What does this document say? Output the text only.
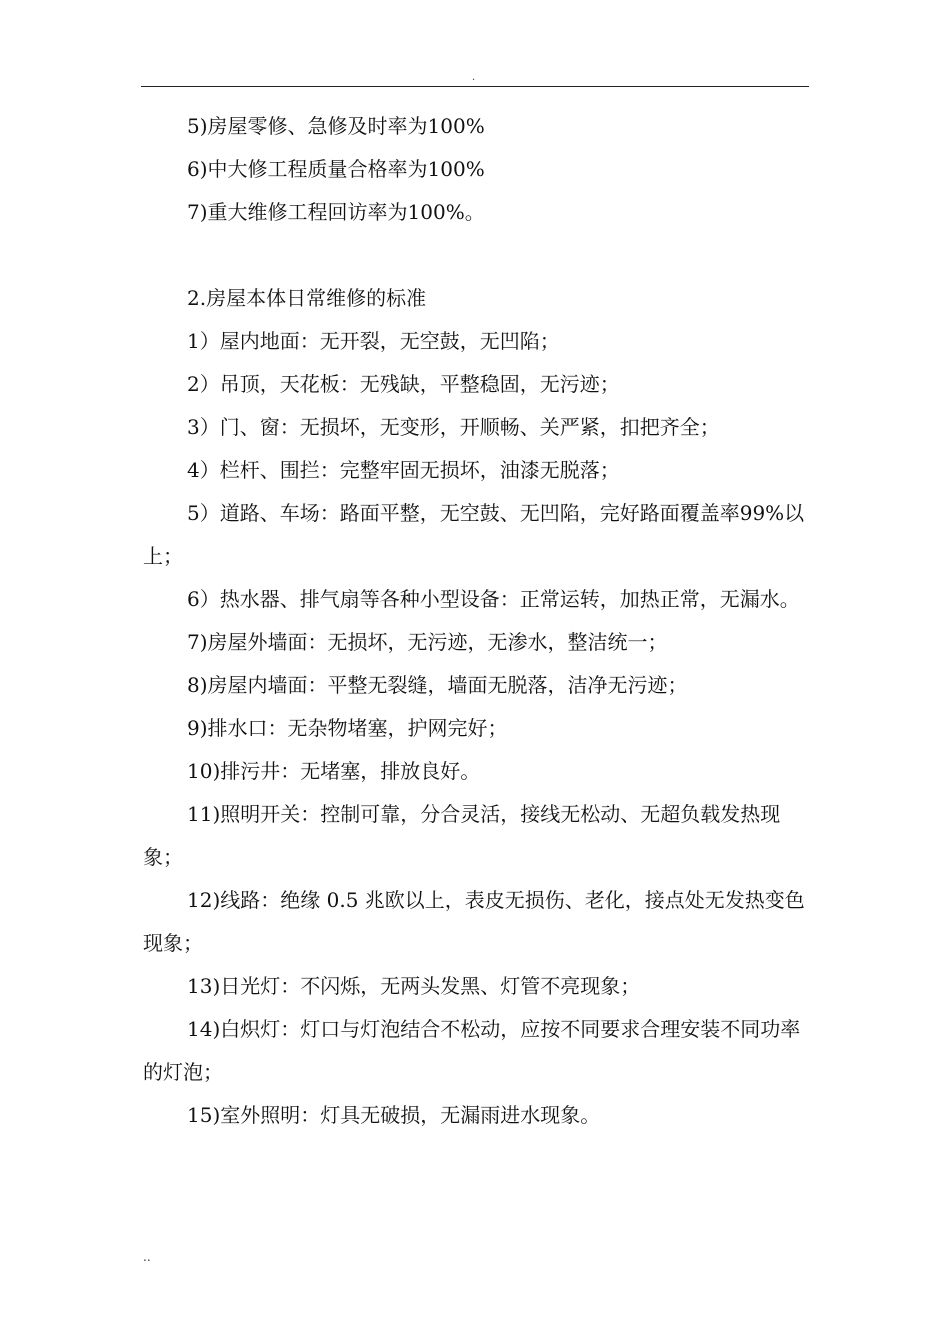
.

5)房屋零修、急修及时率为100%

6)中大修工程质量合格率为100%

7)重大维修工程回访率为100%。

2.房屋本体日常维修的标准

1）屋内地面：无开裂，无空鼓，无凹陷；

2）吊顶，天花板：无残缺，平整稳固，无污迹；

3）门、窗：无损坏，无变形，开顺畅、关严紧，扣把齐全；

4）栏杆、围拦：完整牢固无损坏，油漆无脱落；

5）道路、车场：路面平整，无空鼓、无凹陷，完好路面覆盖率99%以上；

6）热水器、排气扇等各种小型设备：正常运转，加热正常，无漏水。

7)房屋外墙面：无损坏，无污迹，无渗水，整洁统一；

8)房屋内墙面：平整无裂缝，墙面无脱落，洁净无污迹；

9)排水口：无杂物堵塞，护网完好；

10)排污井：无堵塞，排放良好。

11)照明开关：控制可靠，分合灵活，接线无松动、无超负载发热现象；

12)线路：绝缘 0.5 兆欧以上，表皮无损伤、老化，接点处无发热变色现象；

13)日光灯：不闪烁，无两头发黑、灯管不亮现象；

14)白炽灯：灯口与灯泡结合不松动，应按不同要求合理安装不同功率的灯泡；

15)室外照明：灯具无破损，无漏雨进水现象。

..
